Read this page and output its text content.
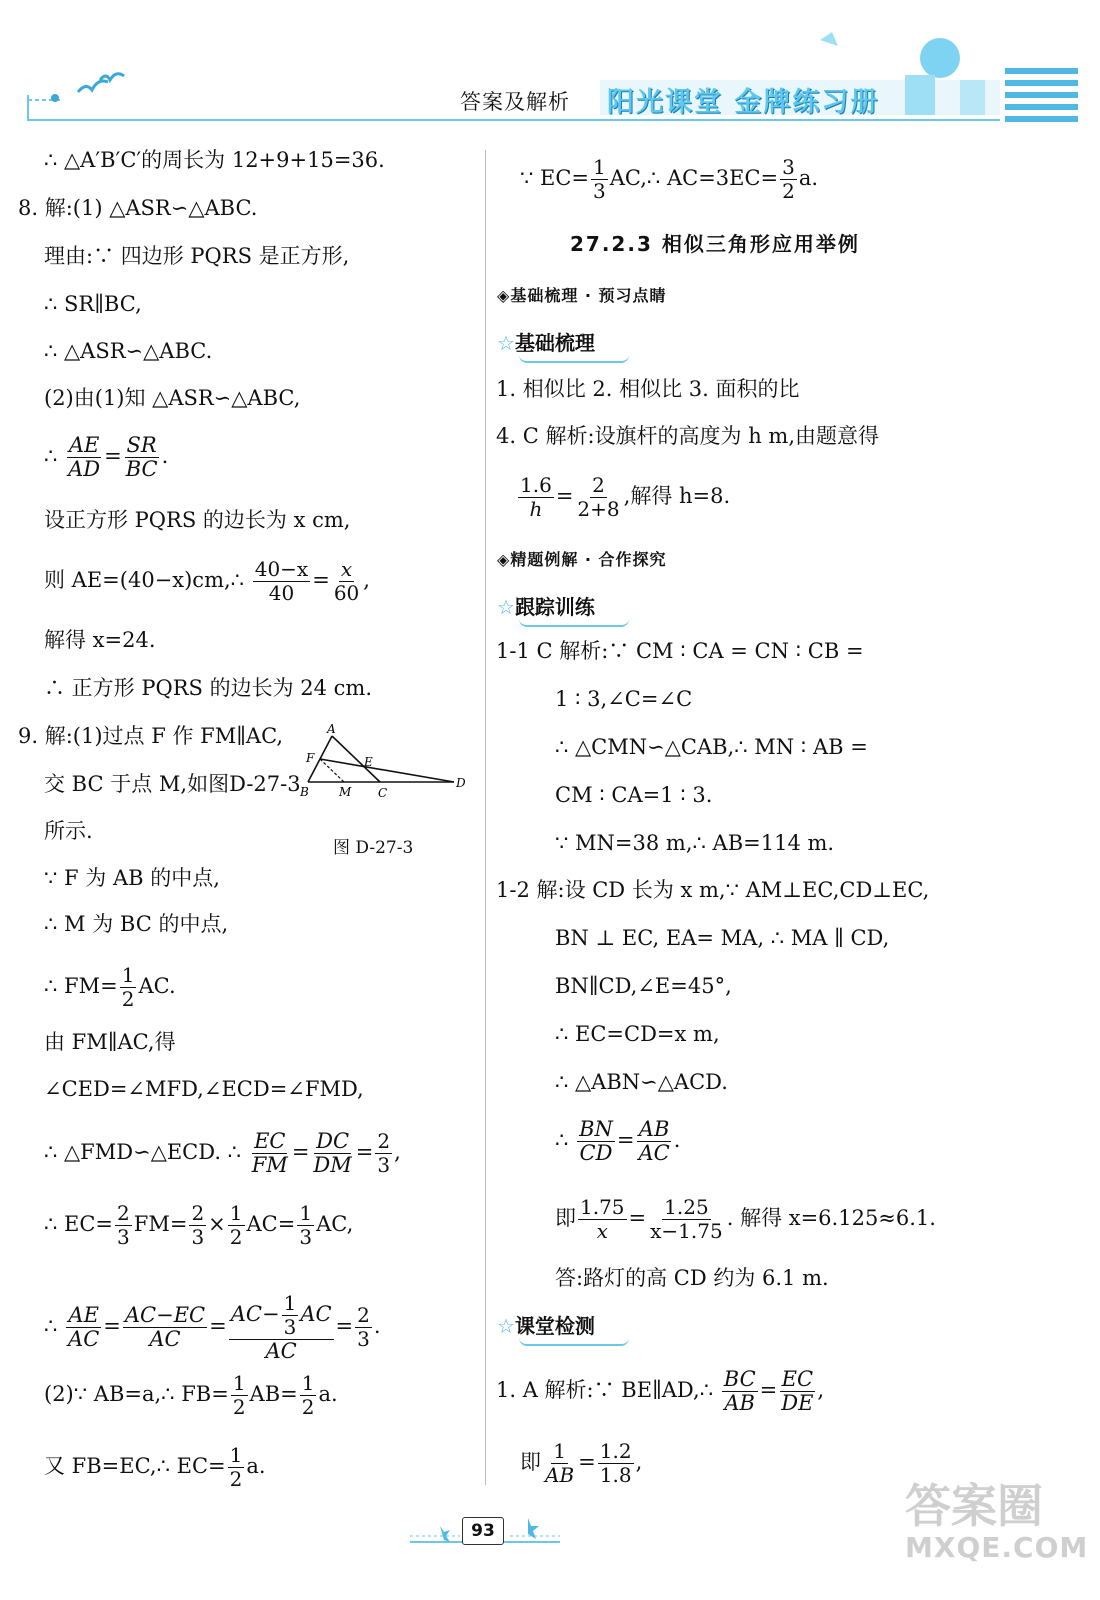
答案及解析 阳光课堂 金牌练习册
∴ △A′B′C′的周长为 12+9+15=36.
8. 解:(1) △ASR∽△ABC.
理由:∵ 四边形 PQRS 是正方形,
∴ SR∥BC,
∴ △ASR∽△ABC.
(2)由(1)知 △ASR∽△ABC,
∴ $\frac{AE}{AD} = \frac{SR}{BC}$ .
设正方形 PQRS 的边长为 x cm,
则 AE=(40−x)cm,∴ $\frac{40-x}{40} = \frac{x}{60}$ ,
解得 x=24.
∴ 正方形 PQRS 的边长为 24 cm.
9. 解:(1)过点 F 作 FM∥AC,
交 BC 于点 M,如图D-27-3
所示.
A
B	C
D
E
F
M
图 D-27-3
∵ F 为 AB 的中点,
∴ M 为 BC 的中点,
∴ $FM= \frac{1}{2}$ AC.
由 FM∥AC,得
∠CED=∠MFD,∠ECD=∠FMD,
∴ △FMD∽△ECD. ∴ $\frac{EC}{FM} = \frac{DC}{DM} = \frac{2}{3}$ ,
∴ $EC= \frac{2}{3} FM= \frac{2}{3} \times \frac{1}{2} AC= \frac{1}{3}$ AC,
∴ $\frac{AE}{AC} = \frac{AC-EC}{AC} = \frac{AC- \frac{1}{3} AC}{AC} = \frac{2}{3}$ .
(2)∵ AB=a,∴ $FB= \frac{1}{2} AB= \frac{1}{2} a$.
又 FB=EC,∴ $EC= \frac{1}{2} a$.
∵ $EC= \frac{1}{3}$ AC,∴ $AC=3EC= \frac{3}{2} a$.
27.2.3 相似三角形应用举例
◈基础梳理 · 预习点睛
☆基础梳理
1. 相似比 2. 相似比 3. 面积的比
4. C 解析:设旗杆的高度为 h m,由题意得
$\frac{1.6}{h} = \frac{2}{2+8}$ ,解得 h=8.
◈精题例解 · 合作探究
☆跟踪训练
1-1 C 解析:∵ CM ∶ CA = CN ∶ CB =
1 ∶ 3,∠C=∠C
∴ △CMN∽△CAB,∴ MN ∶ AB =
CM ∶ CA=1 ∶ 3.
∵ MN=38 m,∴ AB=114 m.
1-2 解:设 CD 长为 x m,∵ AM⊥EC,CD⊥EC,
BN ⊥ EC, EA= MA, ∴ MA ∥ CD,
BN∥CD,∠E=45°,
∴ EC=CD=x m,
∴ △ABN∽△ACD.
∴ $\frac{BN}{CD} = \frac{AB}{AC}$ .
即 $\frac{1.75}{x} = \frac{1.25}{x-1.75}$ . 解得 x=6.125≈6.1.
答:路灯的高 CD 约为 6.1 m.
☆课堂检测
1. A 解析:∵ BE∥AD,∴ $\frac{BC}{AB} = \frac{EC}{DE}$ ,
即 $\frac{1}{AB} = \frac{1.2}{1.8}$ ,
93	答案圈
MXQE.COM
